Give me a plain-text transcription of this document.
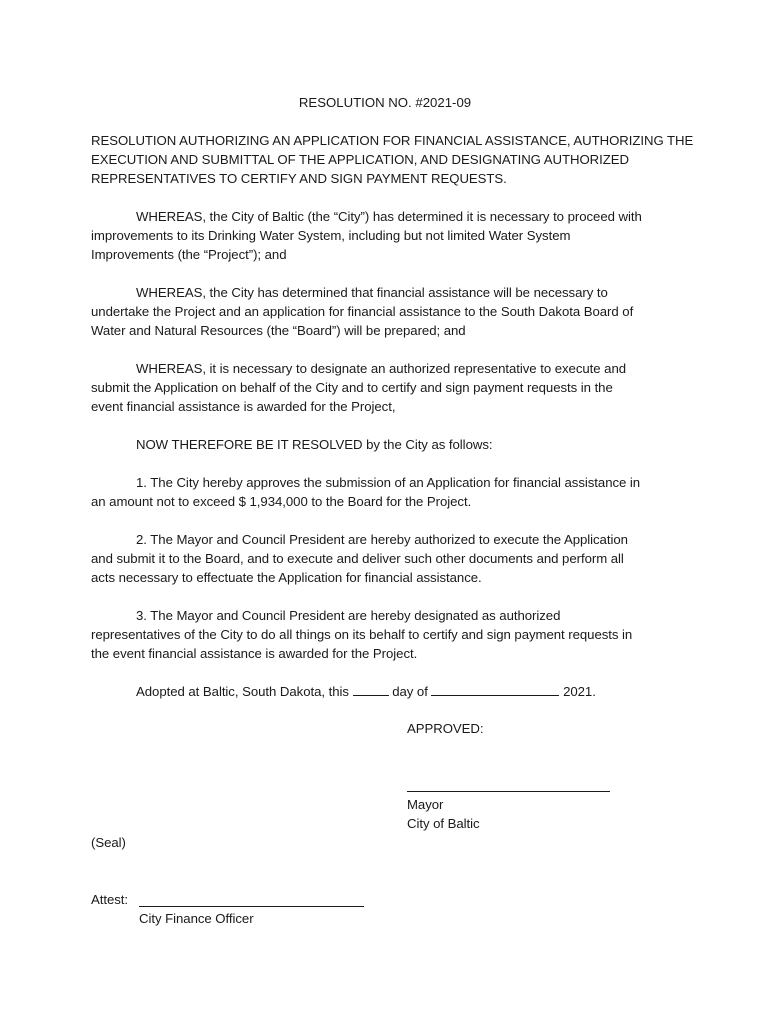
RESOLUTION NO. #2021-09
RESOLUTION AUTHORIZING AN APPLICATION FOR FINANCIAL ASSISTANCE, AUTHORIZING THE
EXECUTION AND SUBMITTAL OF THE APPLICATION, AND DESIGNATING AUTHORIZED
REPRESENTATIVES TO CERTIFY AND SIGN PAYMENT REQUESTS.
WHEREAS, the City of Baltic (the “City”) has determined it is necessary to proceed with
improvements to its Drinking Water System, including but not limited Water System
Improvements (the “Project”); and
WHEREAS, the City has determined that financial assistance will be necessary to
undertake the Project and an application for financial assistance to the South Dakota Board of
Water and Natural Resources (the “Board”) will be prepared; and
WHEREAS, it is necessary to designate an authorized representative to execute and
submit the Application on behalf of the City and to certify and sign payment requests in the
event financial assistance is awarded for the Project,
NOW THEREFORE BE IT RESOLVED by the City as follows:
1. The City hereby approves the submission of an Application for financial assistance in
an amount not to exceed $ 1,934,000 to the Board for the Project.
2. The Mayor and Council President are hereby authorized to execute the Application
and submit it to the Board, and to execute and deliver such other documents and perform all
acts necessary to effectuate the Application for financial assistance.
3. The Mayor and Council President are hereby designated as authorized
representatives of the City to do all things on its behalf to certify and sign payment requests in
the event financial assistance is awarded for the Project.
Adopted at Baltic, South Dakota, this	day of	2021.
APPROVED:
Mayor
City of Baltic
(Seal)
Attest:
City Finance Officer
